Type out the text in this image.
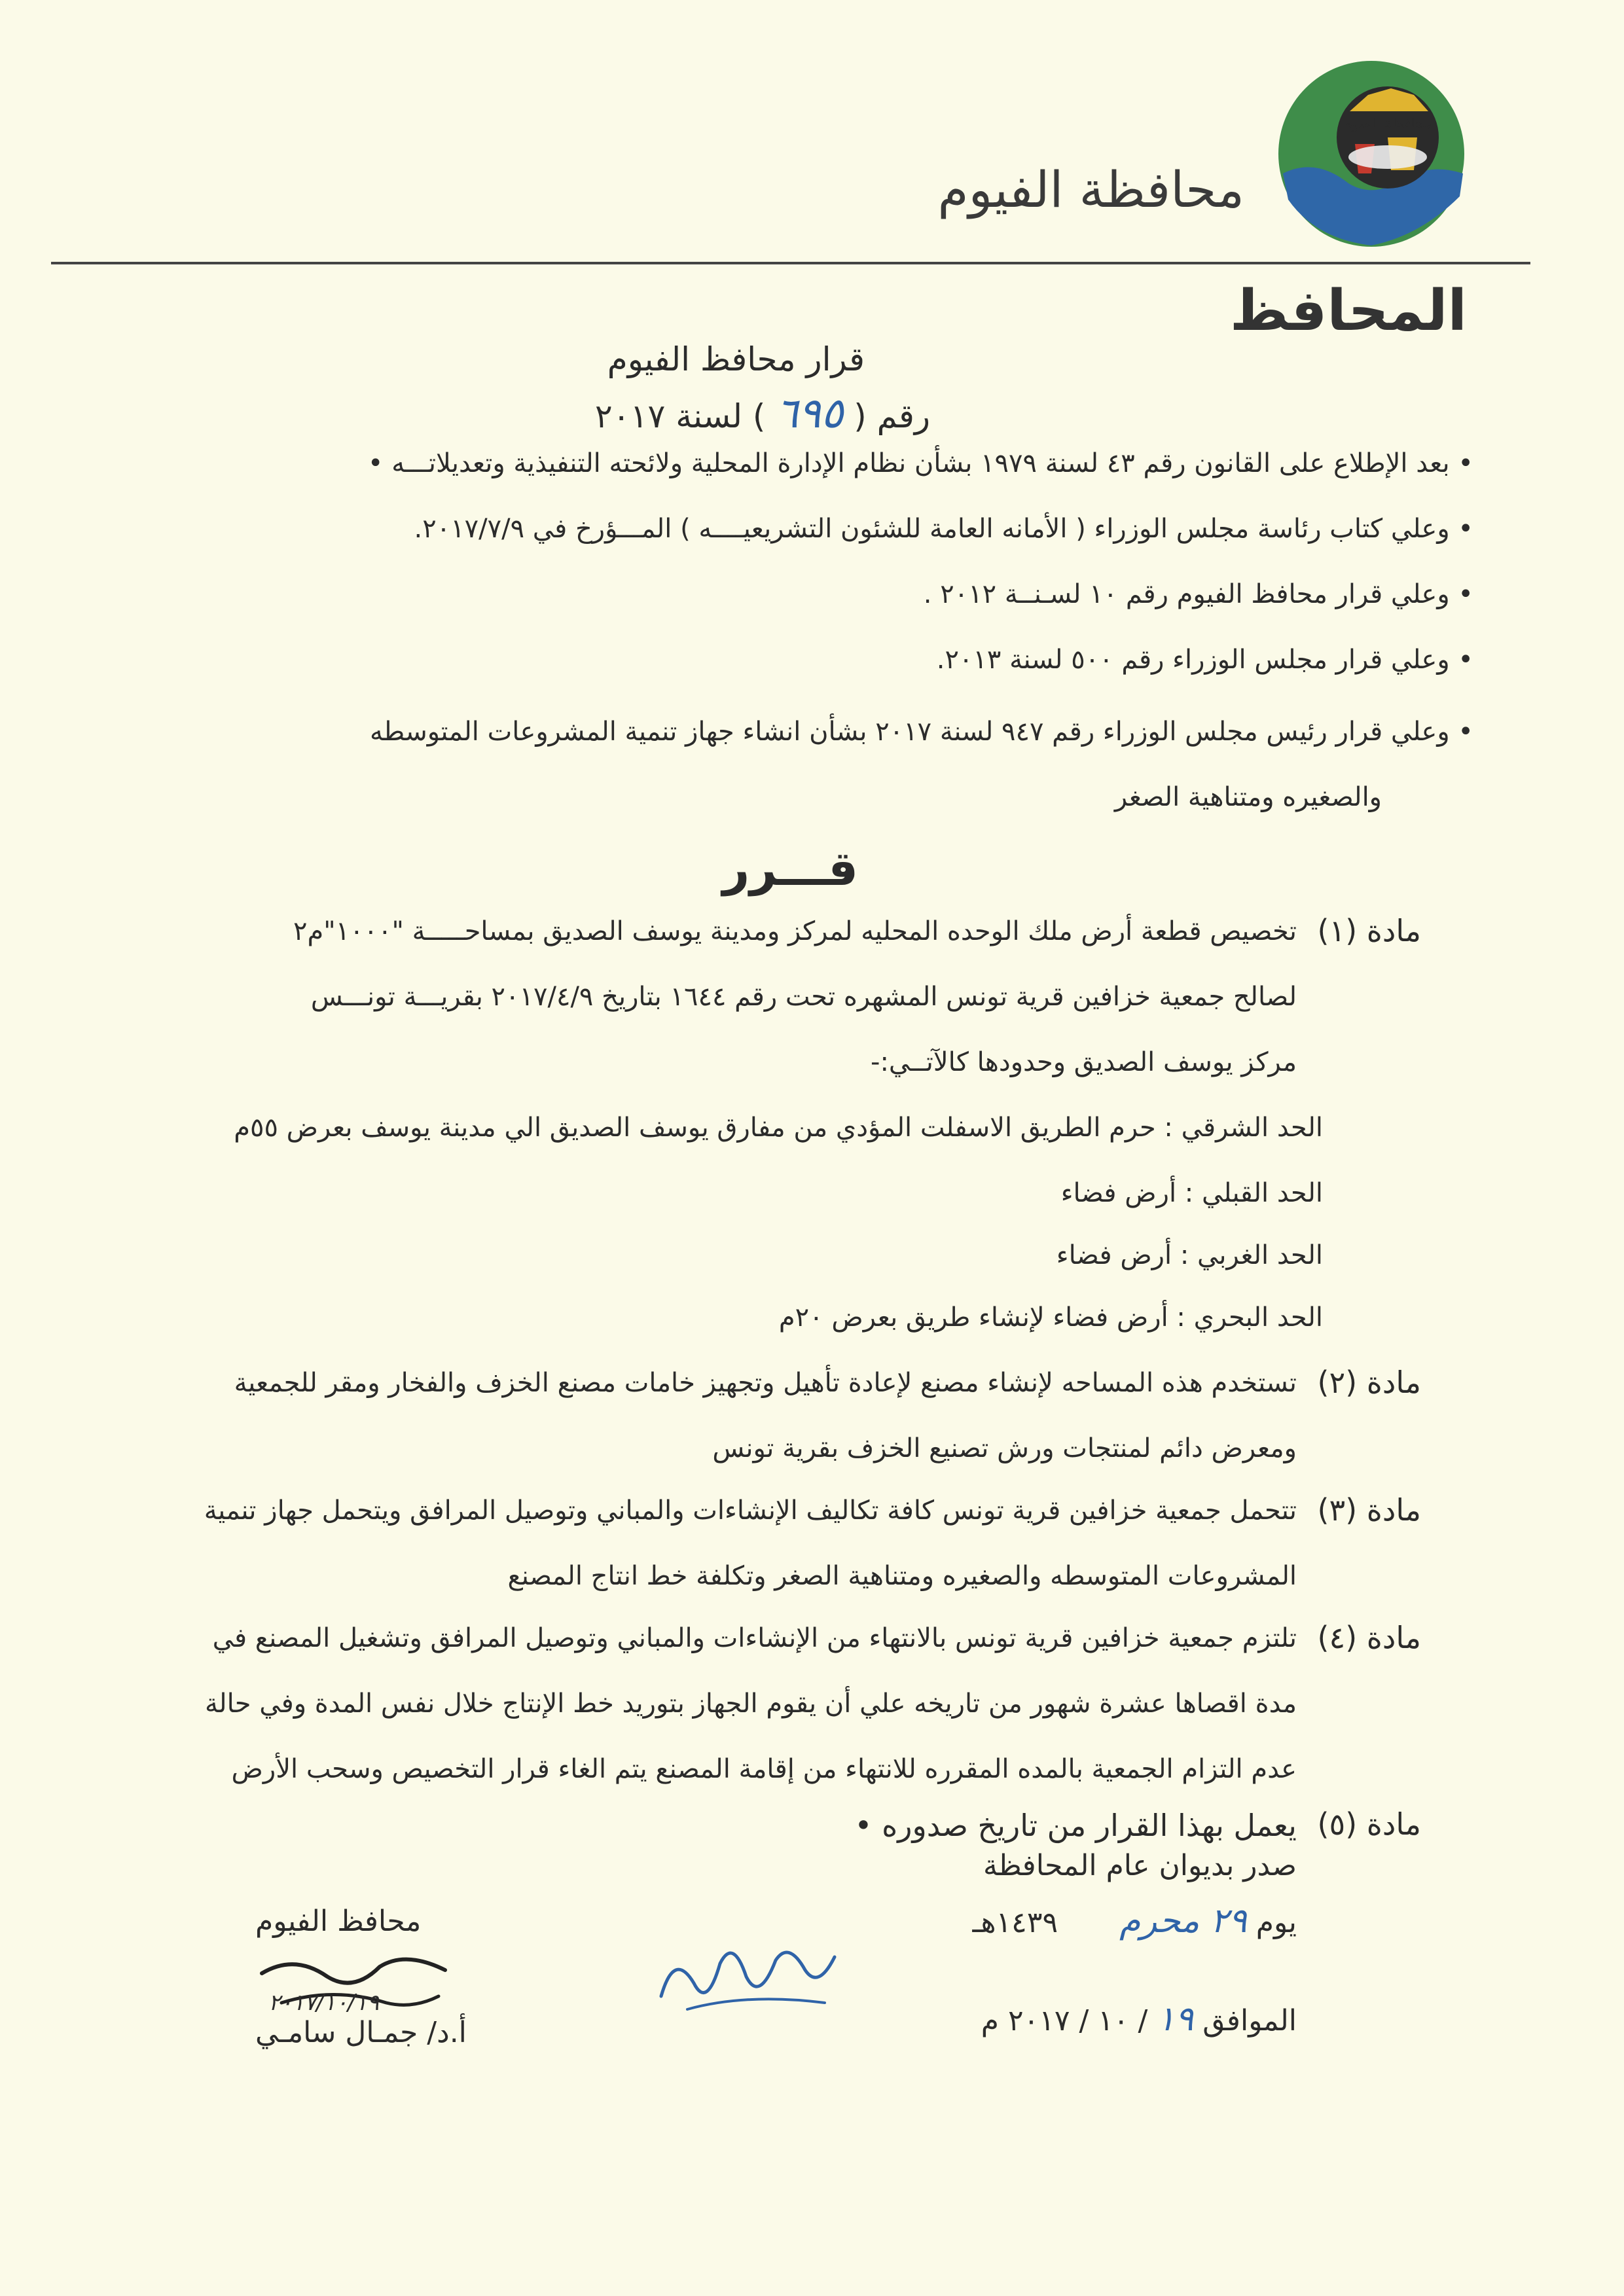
محافظة الفيوم
محافظة الفيوم
المحافظ
قرار محافظ الفيوم
رقم ( ٦٩٥ ) لسنة ٢٠١٧
• بعد الإطلاع على القانون رقم ٤٣ لسنة ١٩٧٩ بشأن نظام الإدارة المحلية ولائحته التنفيذية وتعديلاتـــه •
• وعلي كتاب رئاسة مجلس الوزراء ( الأمانه العامة للشئون التشريعيــــه ) المـــؤرخ في ٢٠١٧/٧/٩.
• وعلي قرار محافظ الفيوم رقم ١٠ لسـنــة ٢٠١٢ .
• وعلي قرار مجلس الوزراء رقم ٥٠٠ لسنة ٢٠١٣.
• وعلي قرار رئيس مجلس الوزراء رقم ٩٤٧ لسنة ٢٠١٧ بشأن انشاء جهاز تنمية المشروعات المتوسطه
والصغيره ومتناهية الصغر
قـــرر
مادة (١)
تخصيص قطعة أرض ملك الوحده المحليه لمركز ومدينة يوسف الصديق بمساحـــــة "١٠٠٠"م٢
لصالح جمعية خزافين قرية تونس المشهره تحت رقم ١٦٤٤ بتاريخ ٢٠١٧/٤/٩ بقريـــة تونـــس
مركز يوسف الصديق وحدودها كالآتــي:-
الحد الشرقي : حرم الطريق الاسفلت المؤدي من مفارق يوسف الصديق الي مدينة يوسف بعرض ٥٥م
الحد القبلي : أرض فضاء
الحد الغربي : أرض فضاء
الحد البحري : أرض فضاء لإنشاء طريق بعرض ٢٠م
مادة (٢)
تستخدم هذه المساحه لإنشاء مصنع لإعادة تأهيل وتجهيز خامات مصنع الخزف والفخار ومقر للجمعية
ومعرض دائم لمنتجات ورش تصنيع الخزف بقرية تونس
مادة (٣)
تتحمل جمعية خزافين قرية تونس كافة تكاليف الإنشاءات والمباني وتوصيل المرافق ويتحمل جهاز تنمية
المشروعات المتوسطه والصغيره ومتناهية الصغر وتكلفة خط انتاج المصنع
مادة (٤)
تلتزم جمعية خزافين قرية تونس بالانتهاء من الإنشاءات والمباني وتوصيل المرافق وتشغيل المصنع في
مدة اقصاها عشرة شهور من تاريخه علي أن يقوم الجهاز بتوريد خط الإنتاج خلال نفس المدة وفي حالة
عدم التزام الجمعية بالمده المقرره للانتهاء من إقامة المصنع يتم الغاء قرار التخصيص وسحب الأرض
مادة (٥)
يعمل بهذا القرار من تاريخ صدوره •
صدر بديوان عام المحافظة
يوم ٢٩ محرم ١٤٣٩هـ
الموافق ١٩ / ١٠ / ٢٠١٧ م
محافظ الفيوم
٢٠١٧/١٠/١٩
أ.د/ جمـال سامـي
